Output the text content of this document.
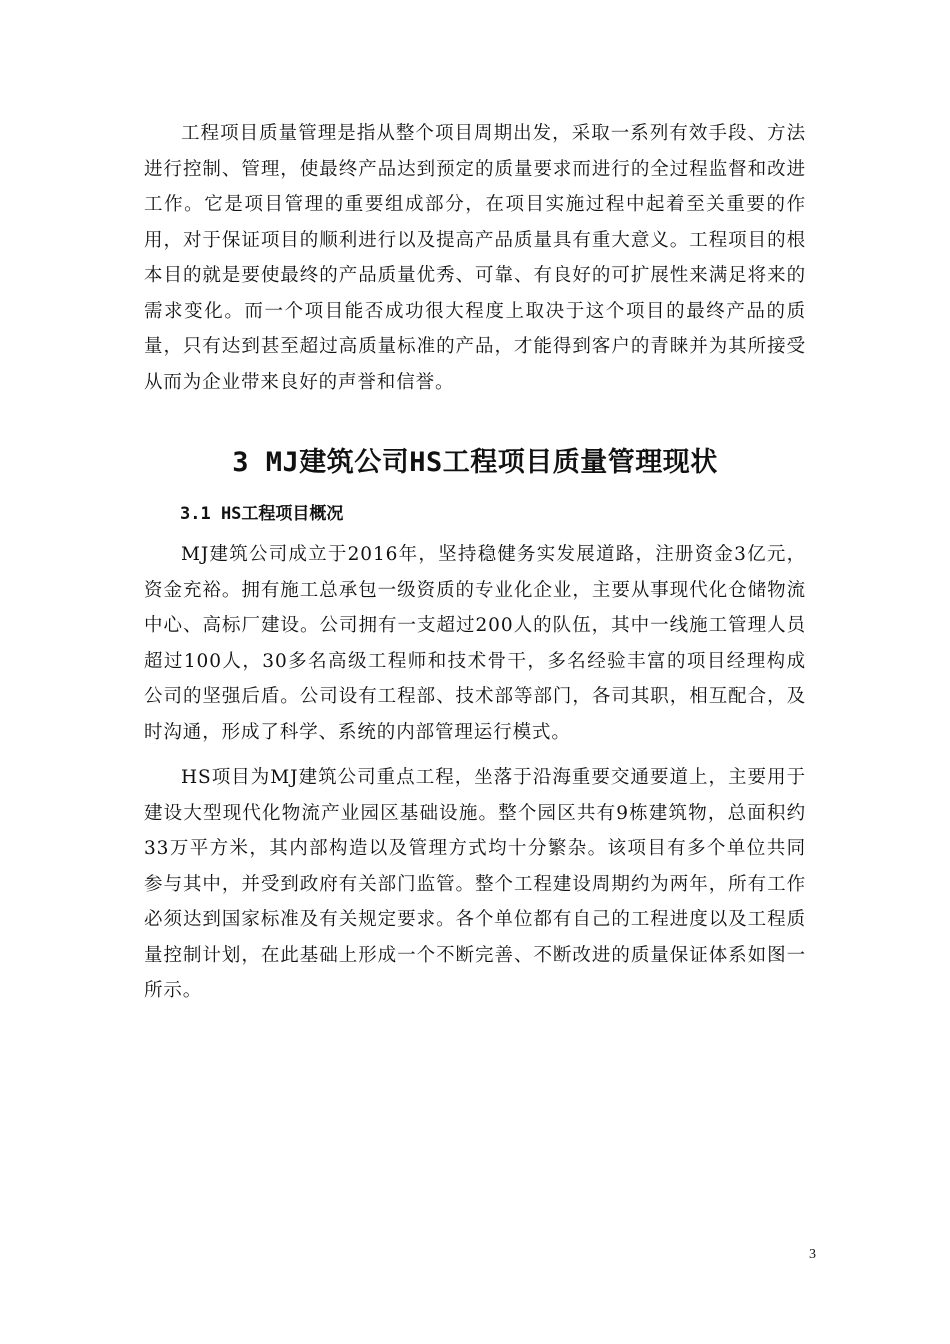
工程项目质量管理是指从整个项目周期出发，采取一系列有效手段、方法进行控制、管理，使最终产品达到预定的质量要求而进行的全过程监督和改进工作。它是项目管理的重要组成部分，在项目实施过程中起着至关重要的作用，对于保证项目的顺利进行以及提高产品质量具有重大意义。工程项目的根本目的就是要使最终的产品质量优秀、可靠、有良好的可扩展性来满足将来的需求变化。而一个项目能否成功很大程度上取决于这个项目的最终产品的质量，只有达到甚至超过高质量标准的产品，才能得到客户的青睐并为其所接受从而为企业带来良好的声誉和信誉。

3 MJ建筑公司HS工程项目质量管理现状
3.1 HS工程项目概况

MJ建筑公司成立于2016年，坚持稳健务实发展道路，注册资金3亿元，资金充裕。拥有施工总承包一级资质的专业化企业，主要从事现代化仓储物流中心、高标厂建设。公司拥有一支超过200人的队伍，其中一线施工管理人员超过100人，30多名高级工程师和技术骨干，多名经验丰富的项目经理构成公司的坚强后盾。公司设有工程部、技术部等部门，各司其职，相互配合，及时沟通，形成了科学、系统的内部管理运行模式。

HS项目为MJ建筑公司重点工程，坐落于沿海重要交通要道上，主要用于建设大型现代化物流产业园区基础设施。整个园区共有9栋建筑物，总面积约33万平方米，其内部构造以及管理方式均十分繁杂。该项目有多个单位共同参与其中，并受到政府有关部门监管。整个工程建设周期约为两年，所有工作必须达到国家标准及有关规定要求。各个单位都有自己的工程进度以及工程质量控制计划，在此基础上形成一个不断完善、不断改进的质量保证体系如图一所示。

3
